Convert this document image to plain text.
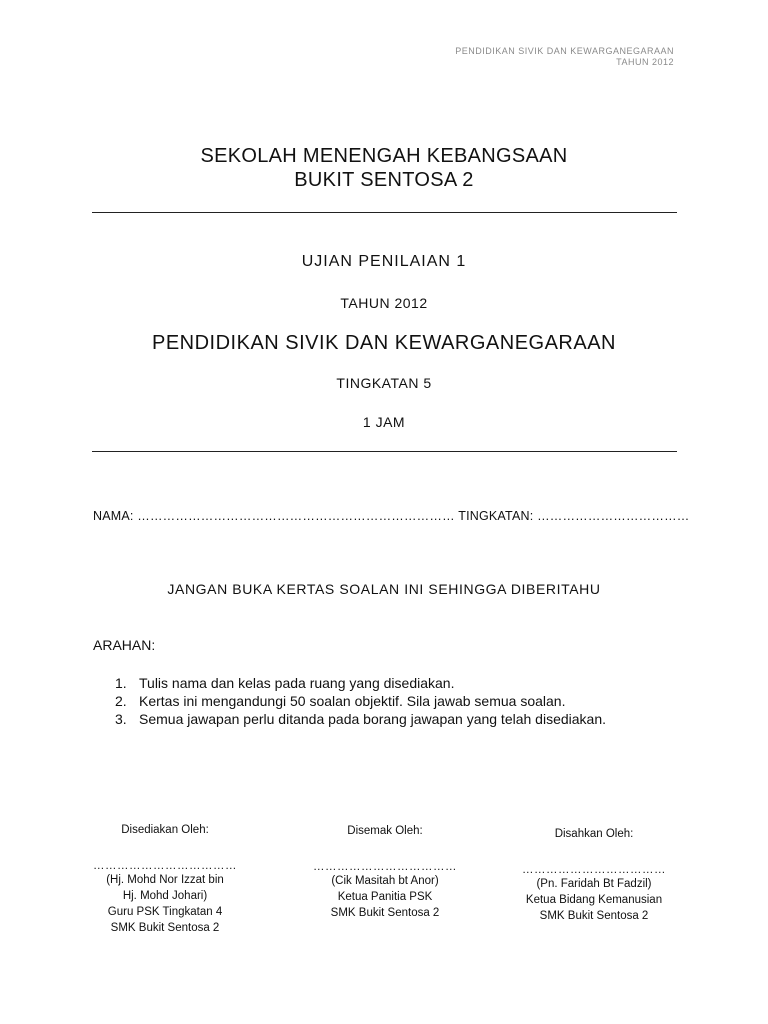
PENDIDIKAN SIVIK DAN KEWARGANEGARAAN
TAHUN 2012
SEKOLAH MENENGAH KEBANGSAAN
BUKIT SENTOSA 2
UJIAN PENILAIAN 1
TAHUN 2012
PENDIDIKAN SIVIK DAN KEWARGANEGARAAN
TINGKATAN 5
1 JAM
NAMA: ………………………………………………………………… TINGKATAN: ………………………………
JANGAN BUKA KERTAS SOALAN INI SEHINGGA DIBERITAHU
ARAHAN:
1. Tulis nama dan kelas pada ruang yang disediakan.
2. Kertas ini mengandungi 50 soalan objektif. Sila jawab semua soalan.
3. Semua jawapan perlu ditanda pada borang jawapan yang telah disediakan.
Disediakan Oleh:
………………………………
(Hj. Mohd Nor Izzat bin
Hj. Mohd Johari)
Guru PSK Tingkatan 4
SMK Bukit Sentosa 2
Disemak Oleh:
………………………………
(Cik Masitah bt Anor)
Ketua Panitia PSK
SMK Bukit Sentosa 2
Disahkan Oleh:
………………………………
(Pn. Faridah Bt Fadzil)
Ketua Bidang Kemanusian
SMK Bukit Sentosa 2
